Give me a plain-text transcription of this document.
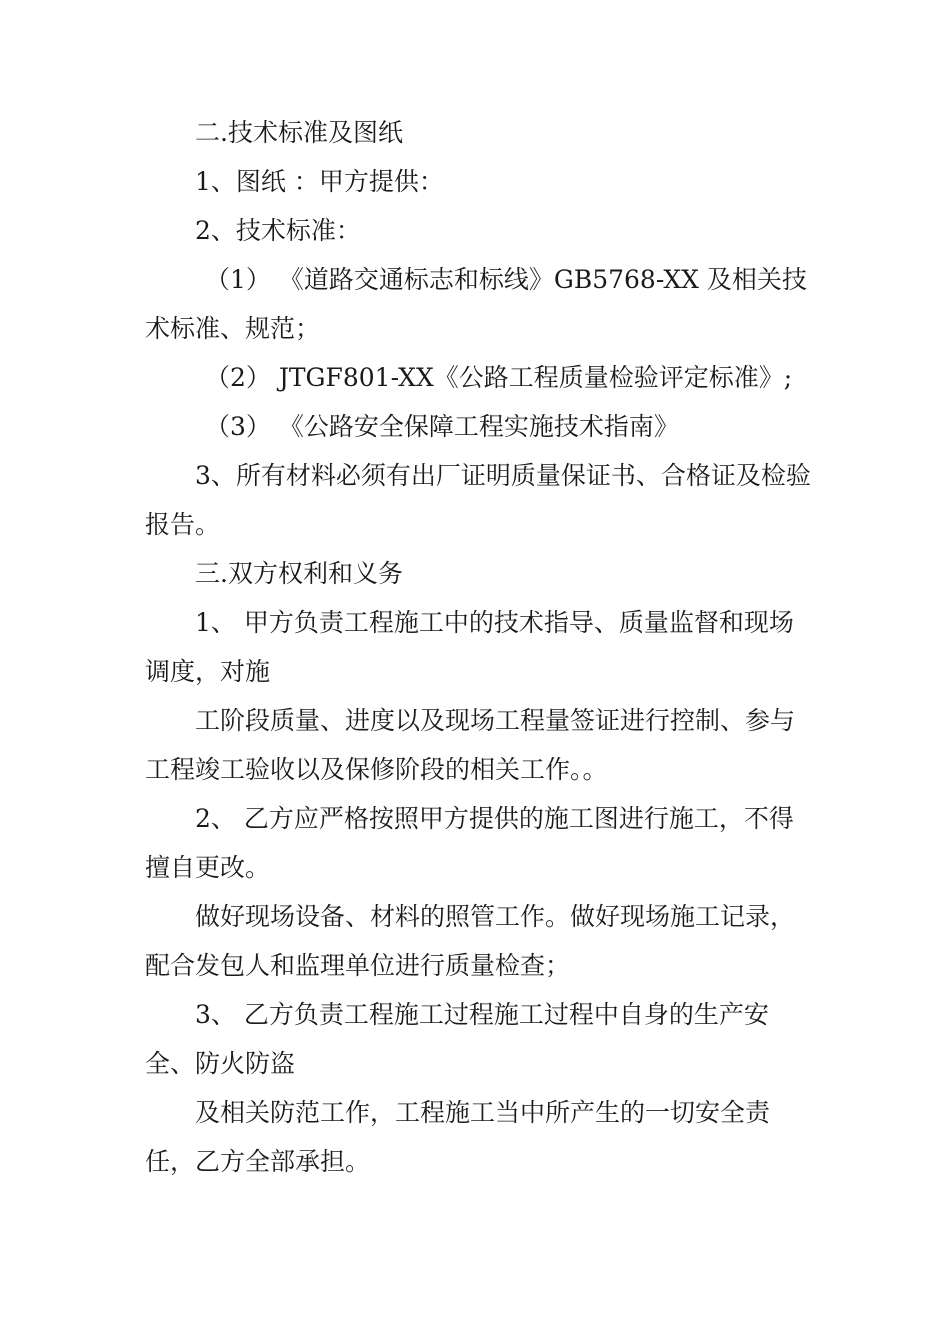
二.技术标准及图纸

1、图纸 ：甲方提供：

2、技术标准：

（1） 《道路交通标志和标线》GB5768-XX 及相关技术标准、规范；

（2） JTGF801-XX《公路工程质量检验评定标准》;

（3） 《公路安全保障工程实施技术指南》

3、所有材料必须有出厂证明质量保证书、合格证及检验报告。

三.双方权利和义务

1、 甲方负责工程施工中的技术指导、质量监督和现场调度，对施

工阶段质量、进度以及现场工程量签证进行控制、参与工程竣工验收以及保修阶段的相关工作。。

2、 乙方应严格按照甲方提供的施工图进行施工，不得擅自更改。

做好现场设备、材料的照管工作。做好现场施工记录，配合发包人和监理单位进行质量检查；

3、 乙方负责工程施工过程施工过程中自身的生产安全、防火防盗

及相关防范工作，工程施工当中所产生的一切安全责任，乙方全部承担。
